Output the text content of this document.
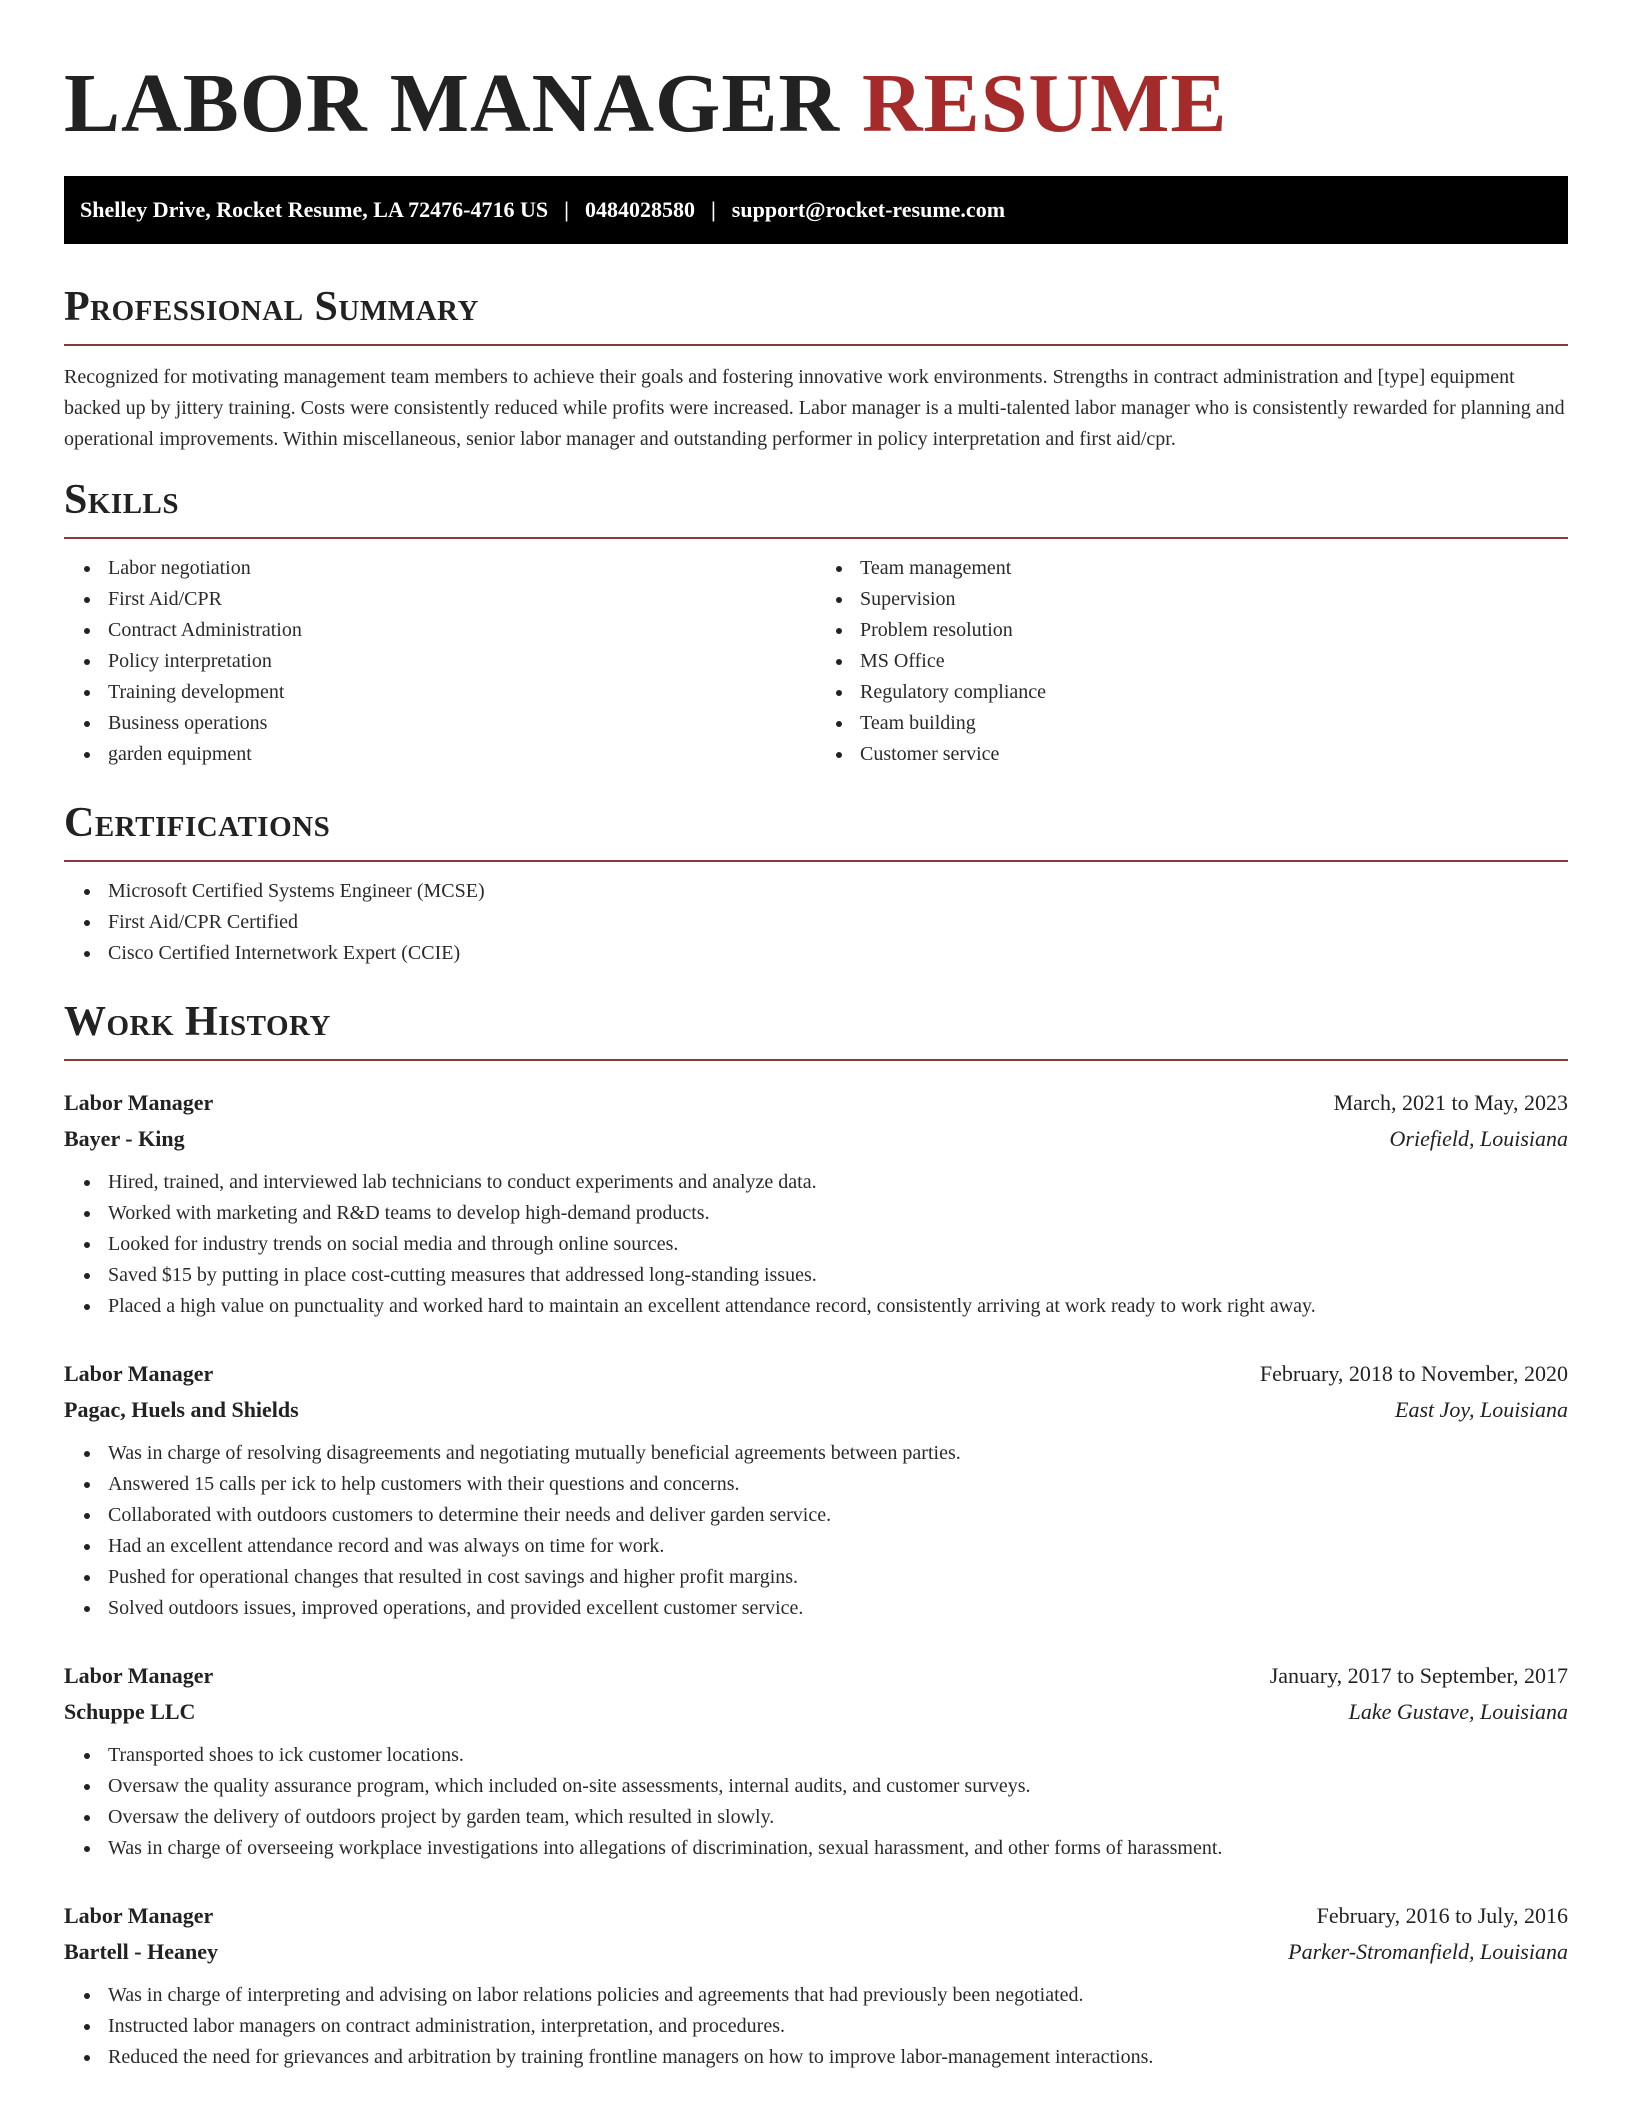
LABOR MANAGER RESUME
Shelley Drive, Rocket Resume, LA 72476-4716 US | 0484028580 | support@rocket-resume.com
Professional Summary

Recognized for motivating management team members to achieve their goals and fostering innovative work environments. Strengths in contract administration and [type] equipment backed up by jittery training. Costs were consistently reduced while profits were increased. Labor manager is a multi-talented labor manager who is consistently rewarded for planning and operational improvements. Within miscellaneous, senior labor manager and outstanding performer in policy interpretation and first aid/cpr.

Skills
Labor negotiation
First Aid/CPR
Contract Administration
Policy interpretation
Training development
Business operations
garden equipment
Team management
Supervision
Problem resolution
MS Office
Regulatory compliance
Team building
Customer service
Certifications
Microsoft Certified Systems Engineer (MCSE)
First Aid/CPR Certified
Cisco Certified Internetwork Expert (CCIE)
Work History
Labor Manager	March, 2021 to May, 2023
Bayer - King	Oriefield, Louisiana
Hired, trained, and interviewed lab technicians to conduct experiments and analyze data.
Worked with marketing and R&D teams to develop high-demand products.
Looked for industry trends on social media and through online sources.
Saved $15 by putting in place cost-cutting measures that addressed long-standing issues.
Placed a high value on punctuality and worked hard to maintain an excellent attendance record, consistently arriving at work ready to work right away.
Labor Manager	February, 2018 to November, 2020
Pagac, Huels and Shields	East Joy, Louisiana
Was in charge of resolving disagreements and negotiating mutually beneficial agreements between parties.
Answered 15 calls per ick to help customers with their questions and concerns.
Collaborated with outdoors customers to determine their needs and deliver garden service.
Had an excellent attendance record and was always on time for work.
Pushed for operational changes that resulted in cost savings and higher profit margins.
Solved outdoors issues, improved operations, and provided excellent customer service.
Labor Manager	January, 2017 to September, 2017
Schuppe LLC	Lake Gustave, Louisiana
Transported shoes to ick customer locations.
Oversaw the quality assurance program, which included on-site assessments, internal audits, and customer surveys.
Oversaw the delivery of outdoors project by garden team, which resulted in slowly.
Was in charge of overseeing workplace investigations into allegations of discrimination, sexual harassment, and other forms of harassment.
Labor Manager	February, 2016 to July, 2016
Bartell - Heaney	Parker-Stromanfield, Louisiana
Was in charge of interpreting and advising on labor relations policies and agreements that had previously been negotiated.
Instructed labor managers on contract administration, interpretation, and procedures.
Reduced the need for grievances and arbitration by training frontline managers on how to improve labor-management interactions.
